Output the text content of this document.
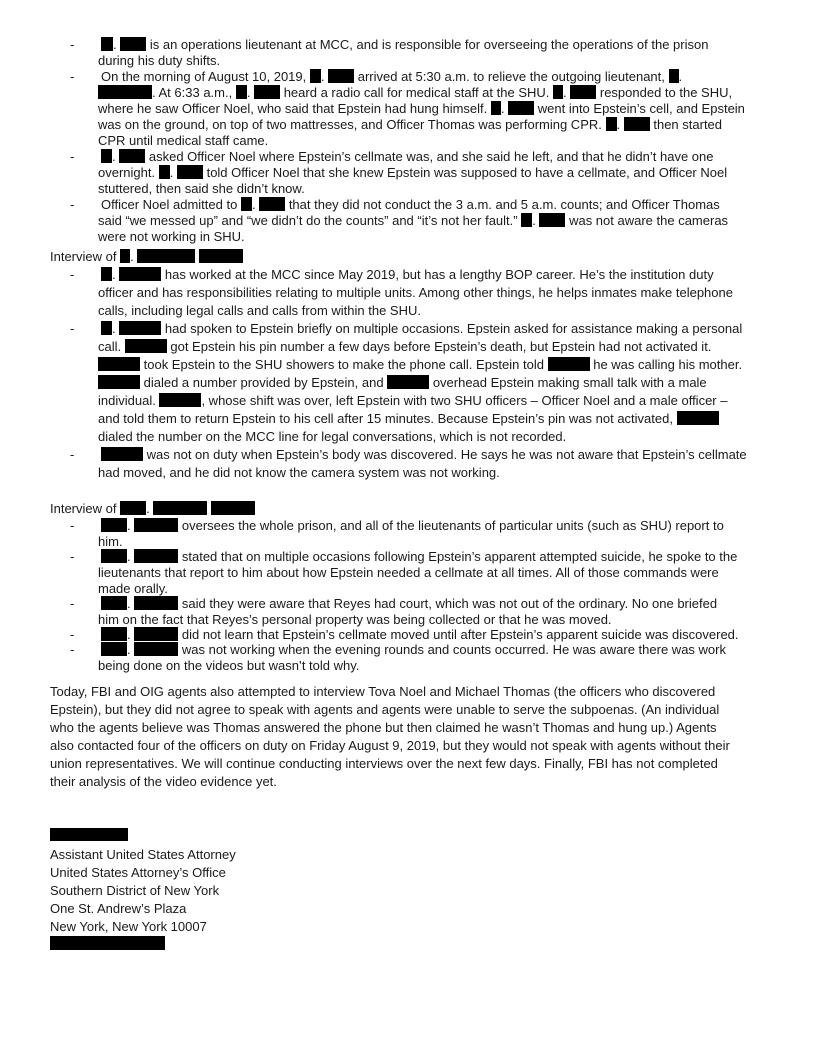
-	.  is an operations lieutenant at MCC, and is responsible for overseeing the operations of the prison
during his duty shifts.
- On the morning of August 10, 2019, .  arrived at 5:30 a.m. to relieve the outgoing lieutenant, .
. At 6:33 a.m., .  heard a radio call for medical staff at the SHU. .  responded to the SHU,
where he saw Officer Noel, who said that Epstein had hung himself. .  went into Epstein’s cell, and Epstein
was on the ground, on top of two mattresses, and Officer Thomas was performing CPR. .  then started
CPR until medical staff came.
-	.  asked Officer Noel where Epstein’s cellmate was, and she said he left, and that he didn’t have one
overnight. .  told Officer Noel that she knew Epstein was supposed to have a cellmate, and Officer Noel
stuttered, then said she didn’t know.
- Officer Noel admitted to .  that they did not conduct the 3 a.m. and 5 a.m. counts; and Officer Thomas
said “we messed up” and “we didn’t do the counts” and “it’s not her fault.” .  was not aware the cameras
were not working in SHU.
Interview of .
-	.	has worked at the MCC since May 2019, but has a lengthy BOP career. He’s the institution duty
officer and has responsibilities relating to multiple units. Among other things, he helps inmates make telephone
calls, including legal calls and calls from within the SHU.
-	.	had spoken to Epstein briefly on multiple occasions. Epstein asked for assistance making a personal
call.	got Epstein his pin number a few days before Epstein’s death, but Epstein had not activated it.
took Epstein to the SHU showers to make the phone call. Epstein told	he was calling his mother.
dialed a number provided by Epstein, and	overhead Epstein making small talk with a male
individual.	, whose shift was over, left Epstein with two SHU officers – Officer Noel and a male officer –
and told them to return Epstein to his cell after 15 minutes. Because Epstein’s pin was not activated,
dialed the number on the MCC line for legal conversations, which is not recorded.
-	was not on duty when Epstein’s body was discovered. He says he was not aware that Epstein’s cellmate
had moved, and he did not know the camera system was not working.
Interview of .
-	.	oversees the whole prison, and all of the lieutenants of particular units (such as SHU) report to
him.
-	.	stated that on multiple occasions following Epstein’s apparent attempted suicide, he spoke to the
lieutenants that report to him about how Epstein needed a cellmate at all times. All of those commands were
made orally.
-	.	said they were aware that Reyes had court, which was not out of the ordinary. No one briefed
him on the fact that Reyes’s personal property was being collected or that he was moved.
-	.	did not learn that Epstein’s cellmate moved until after Epstein’s apparent suicide was discovered.
-	.	was not working when the evening rounds and counts occurred. He was aware there was work
being done on the videos but wasn’t told why.
Today, FBI and OIG agents also attempted to interview Tova Noel and Michael Thomas (the officers who discovered
Epstein), but they did not agree to speak with agents and agents were unable to serve the subpoenas. (An individual
who the agents believe was Thomas answered the phone but then claimed he wasn’t Thomas and hung up.) Agents
also contacted four of the officers on duty on Friday August 9, 2019, but they would not speak with agents without their
union representatives. We will continue conducting interviews over the next few days. Finally, FBI has not completed
their analysis of the video evidence yet.
Assistant United States Attorney
United States Attorney’s Office
Southern District of New York
One St. Andrew’s Plaza
New York, New York 10007
